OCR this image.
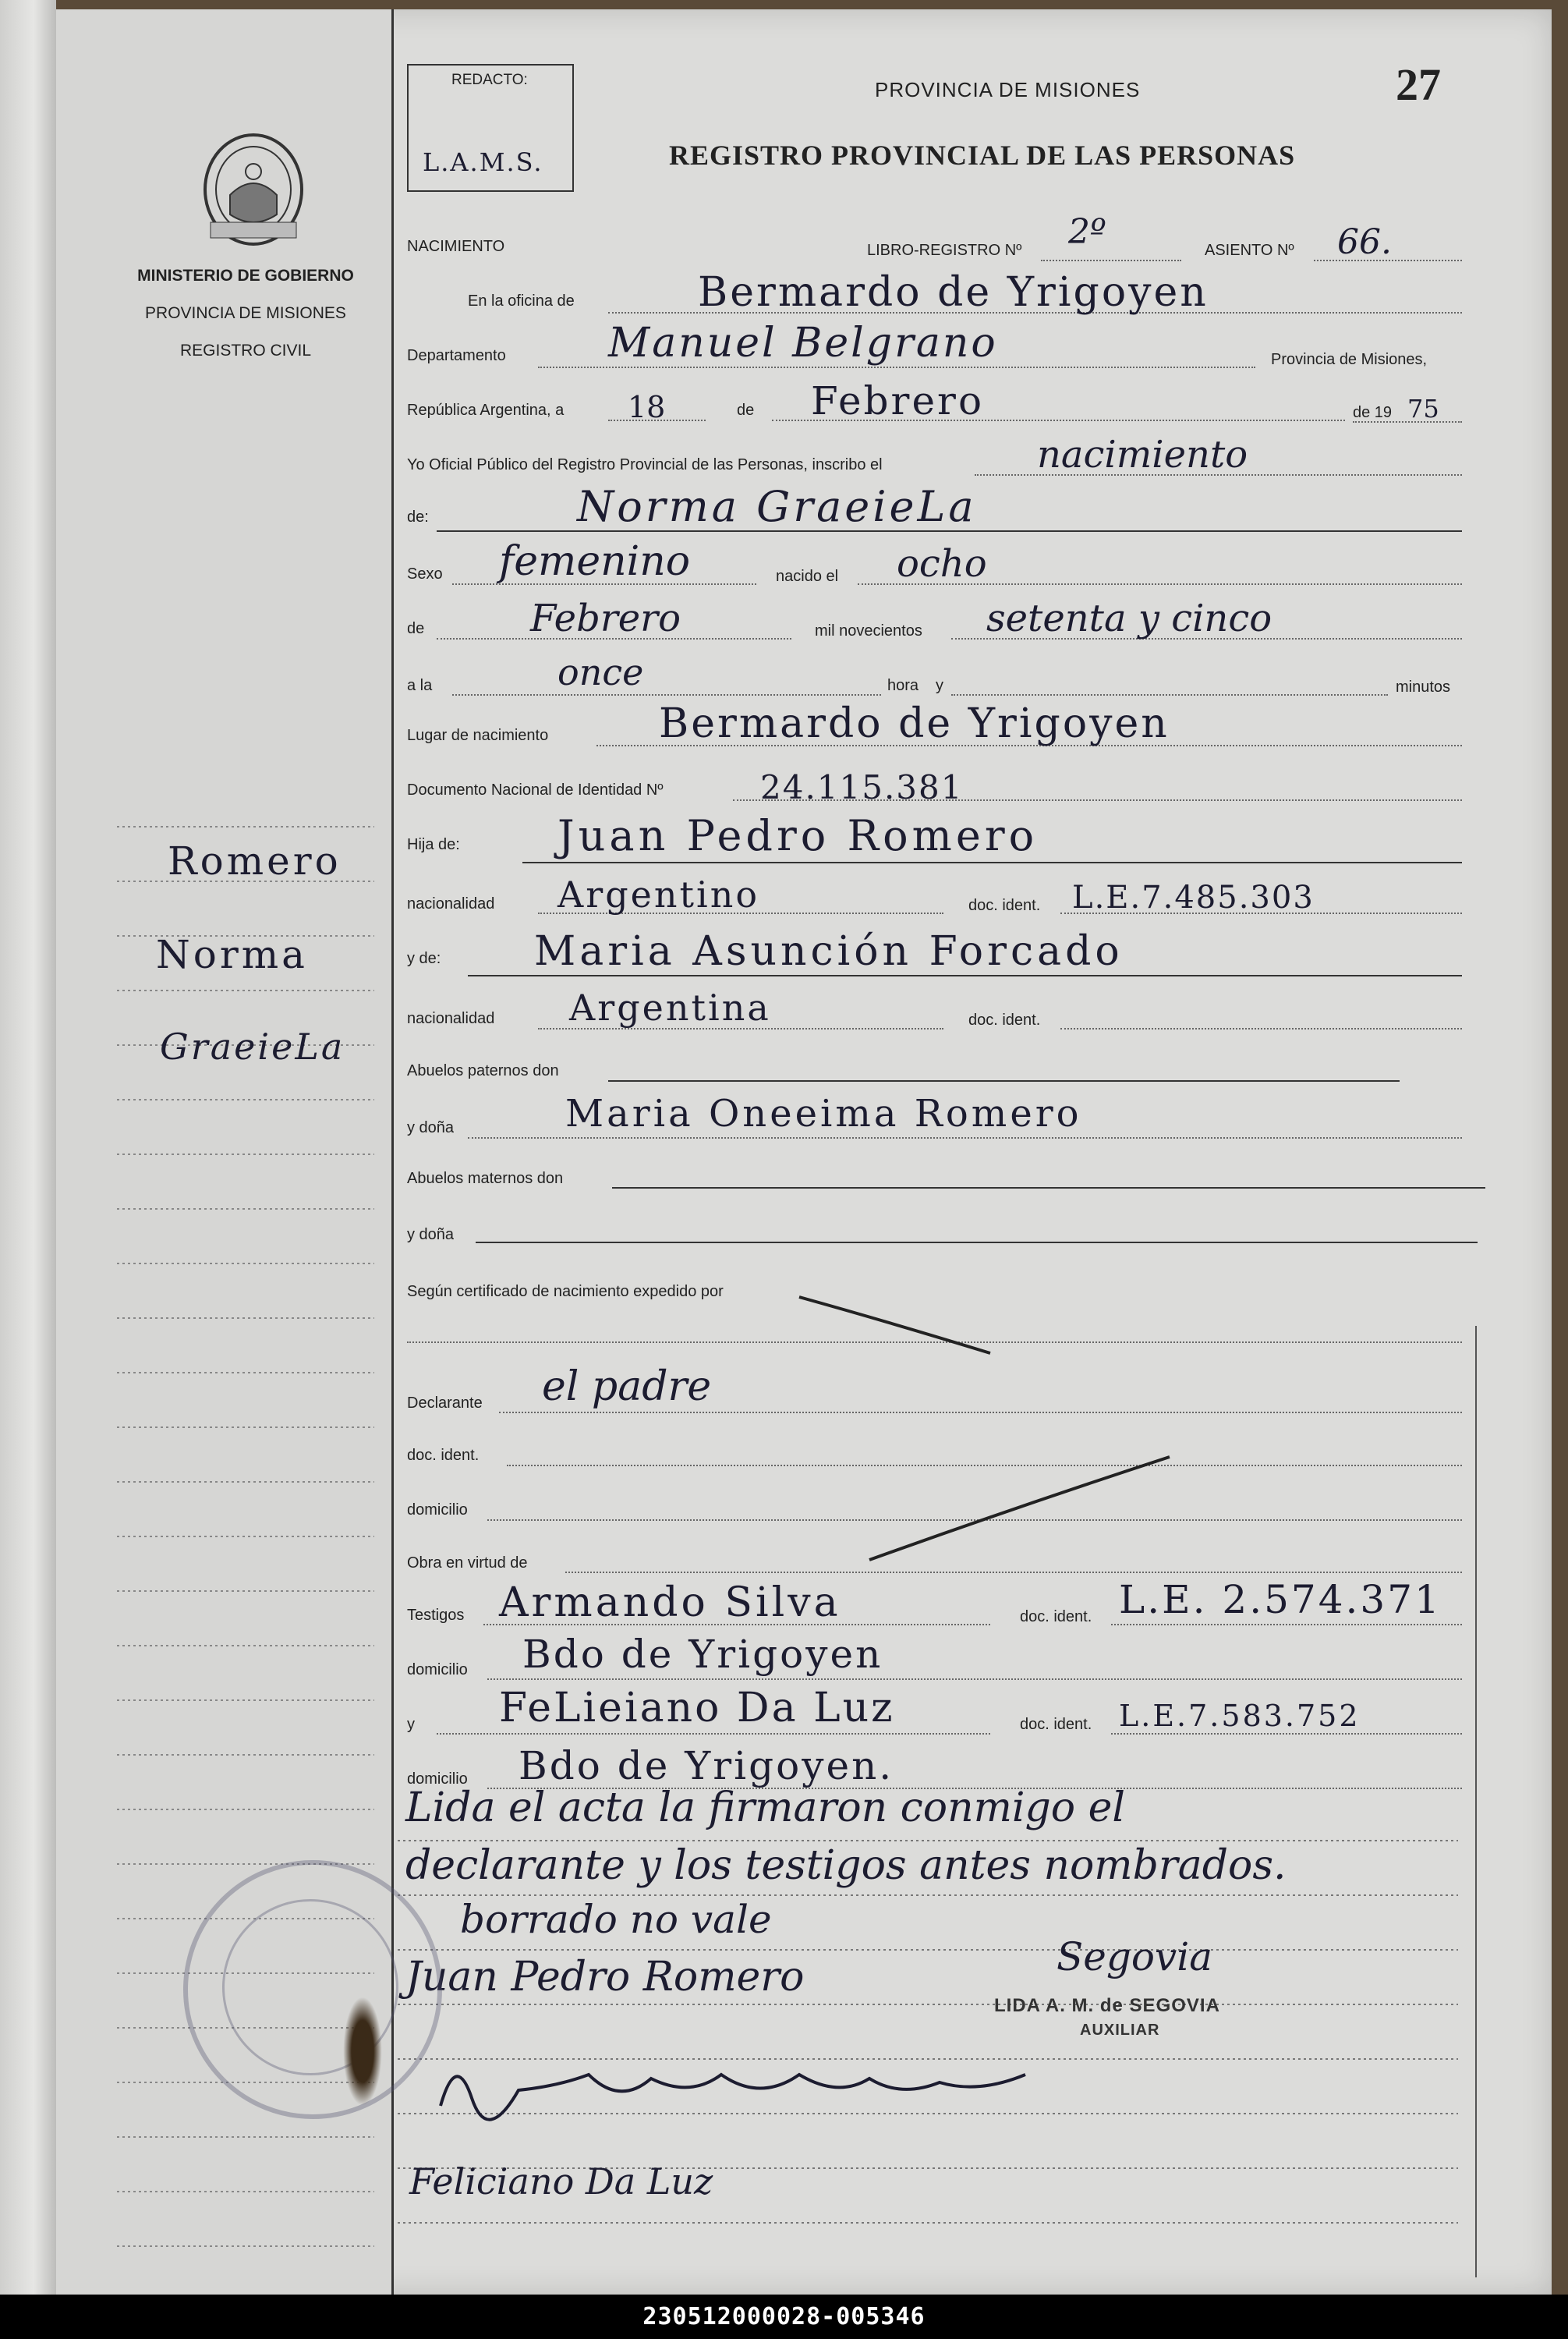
MINISTERIO DE GOBIERNO
PROVINCIA DE MISIONES
REGISTRO CIVIL
Romero
Norma
GraeieLa
REDACTO:
L.A.M.S.
PROVINCIA DE MISIONES
REGISTRO PROVINCIAL DE LAS PERSONAS
27
NACIMIENTO	LIBRO-REGISTRO Nº 2º	ASIENTO Nº 66.
En la oficina de	Bermardo de Yrigoyen
Departamento	Manuel Belgrano	Provincia de Misiones,
República Argentina, a 18	de Febrero	de 19 75
Yo Oficial Público del Registro Provincial de las Personas, inscribo el	nacimiento
de:	Norma GraeieLa
Sexo femenino	nacido el ocho
de	Febrero	mil novecientos setenta y cinco
a la	once	hora y	minutos
Lugar de nacimiento	Bermardo de Yrigoyen
Documento Nacional de Identidad Nº	24.115.381
Hija de: Juan Pedro Romero
nacionalidad Argentino	doc. ident. L.E.7.485.303
y de: Maria Asunción Forcado
nacionalidad Argentina	doc. ident.
Abuelos paternos don
y doña	Maria Oneeima Romero
Abuelos maternos don
y doña
Según certificado de nacimiento expedido por
Declarante el padre
doc. ident.
domicilio
Obra en virtud de
Testigos Armando Silva	doc. ident. L.E. 2.574.371
domicilio Bdo de Yrigoyen
y FeLieiano Da Luz	doc. ident. L.E.7.583.752
domicilio Bdo de Yrigoyen.
Lida el acta la firmaron conmigo el
declarante y los testigos antes nombrados.
borrado no vale
Juan Pedro Romero	Segovia
LIDA A. M. de SEGOVIA
AUXILIAR
Feliciano Da Luz
230512000028-005346
